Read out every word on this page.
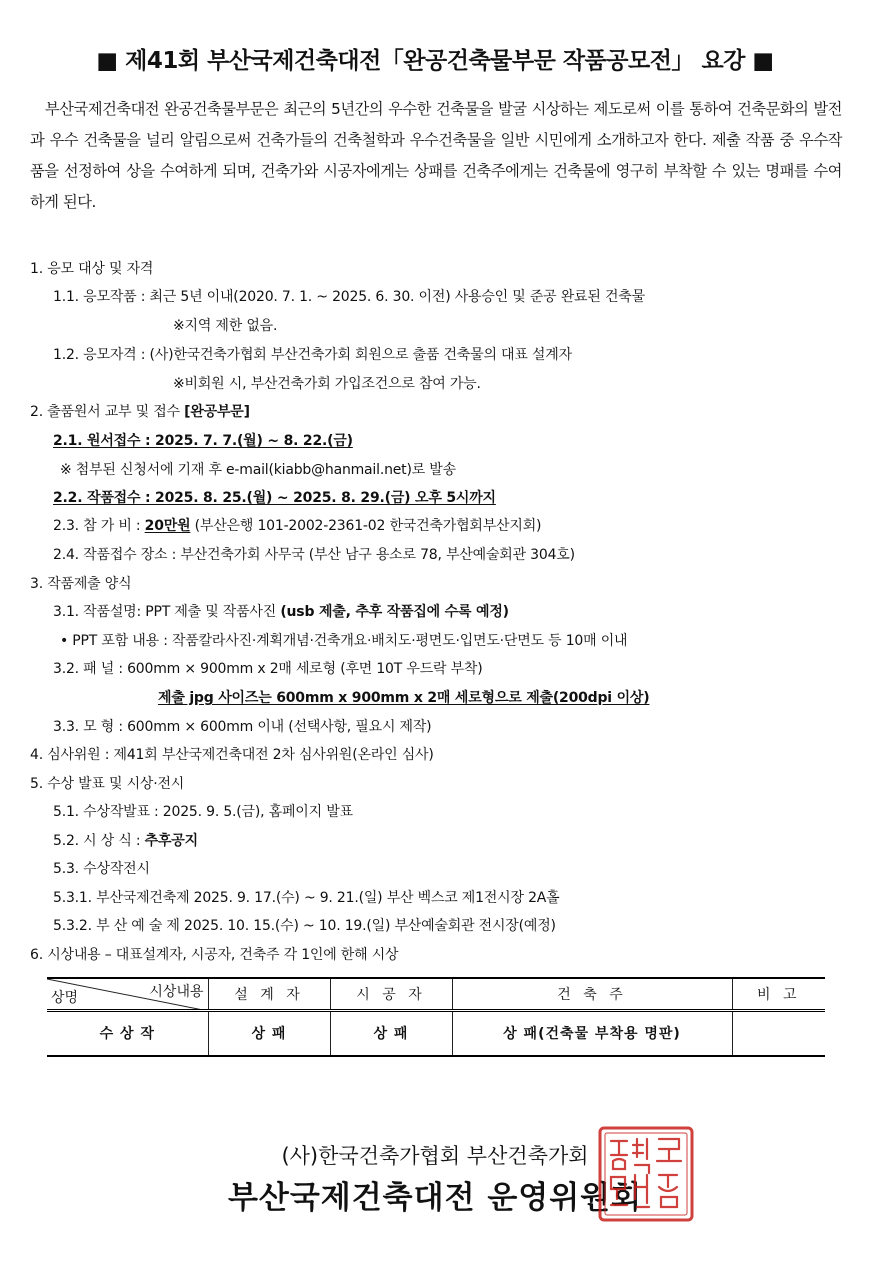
■ 제41회 부산국제건축대전「완공건축물부문 작품공모전」 요강 ■
부산국제건축대전 완공건축물부문은 최근의 5년간의 우수한 건축물을 발굴 시상하는 제도로써 이를 통하여 건축문화의 발전과 우수 건축물을 널리 알림으로써 건축가들의 건축철학과 우수건축물을 일반 시민에게 소개하고자 한다. 제출 작품 중 우수작품을 선정하여 상을 수여하게 되며, 건축가와 시공자에게는 상패를 건축주에게는 건축물에 영구히 부착할 수 있는 명패를 수여하게 된다.
1. 응모 대상 및 자격
1.1. 응모작품 : 최근 5년 이내(2020. 7. 1. ~ 2025. 6. 30. 이전) 사용승인 및 준공 완료된 건축물
※지역 제한 없음.
1.2. 응모자격 : (사)한국건축가협회 부산건축가회 회원으로 출품 건축물의 대표 설계자
※비회원 시, 부산건축가회 가입조건으로 참여 가능.
2. 출품원서 교부 및 접수 [완공부문]
2.1. 원서접수 : 2025. 7. 7.(월) ~ 8. 22.(금)
※ 첨부된 신청서에 기재 후 e-mail(kiabb@hanmail.net)로 발송
2.2. 작품접수 : 2025. 8. 25.(월) ~ 2025. 8. 29.(금) 오후 5시까지
2.3. 참 가 비 : 20만원 (부산은행 101-2002-2361-02 한국건축가협회부산지회)
2.4. 작품접수 장소 : 부산건축가회 사무국 (부산 남구 용소로 78, 부산예술회관 304호)
3. 작품제출 양식
3.1. 작품설명: PPT 제출 및 작품사진 (usb 제출, 추후 작품집에 수록 예정)
• PPT 포함 내용 : 작품칼라사진·계획개념·건축개요·배치도·평면도·입면도·단면도 등 10매 이내
3.2. 패 널 : 600mm × 900mm x 2매 세로형 (후면 10T 우드락 부착)
제출 jpg 사이즈는 600mm x 900mm x 2매 세로형으로 제출(200dpi 이상)
3.3. 모 형 : 600mm × 600mm 이내 (선택사항, 필요시 제작)
4. 심사위원 : 제41회 부산국제건축대전 2차 심사위원(온라인 심사)
5. 수상 발표 및 시상·전시
5.1. 수상작발표 : 2025. 9. 5.(금), 홈페이지 발표
5.2. 시 상 식 : 추후공지
5.3. 수상작전시
5.3.1. 부산국제건축제 2025. 9. 17.(수) ~ 9. 21.(일) 부산 벡스코 제1전시장 2A홀
5.3.2. 부 산 예 술 제 2025. 10. 15.(수) ~ 10. 19.(일) 부산예술회관 전시장(예정)
6. 시상내용 – 대표설계자, 시공자, 건축주 각 1인에 한해 시상
시상내용
상명	설 계 자	시 공 자	건 축 주	비 고
수 상 작	상 패	상 패	상 패(건축물 부착용 명판)	
(사)한국건축가협회 부산건축가회
부산국제건축대전 운영위원회
